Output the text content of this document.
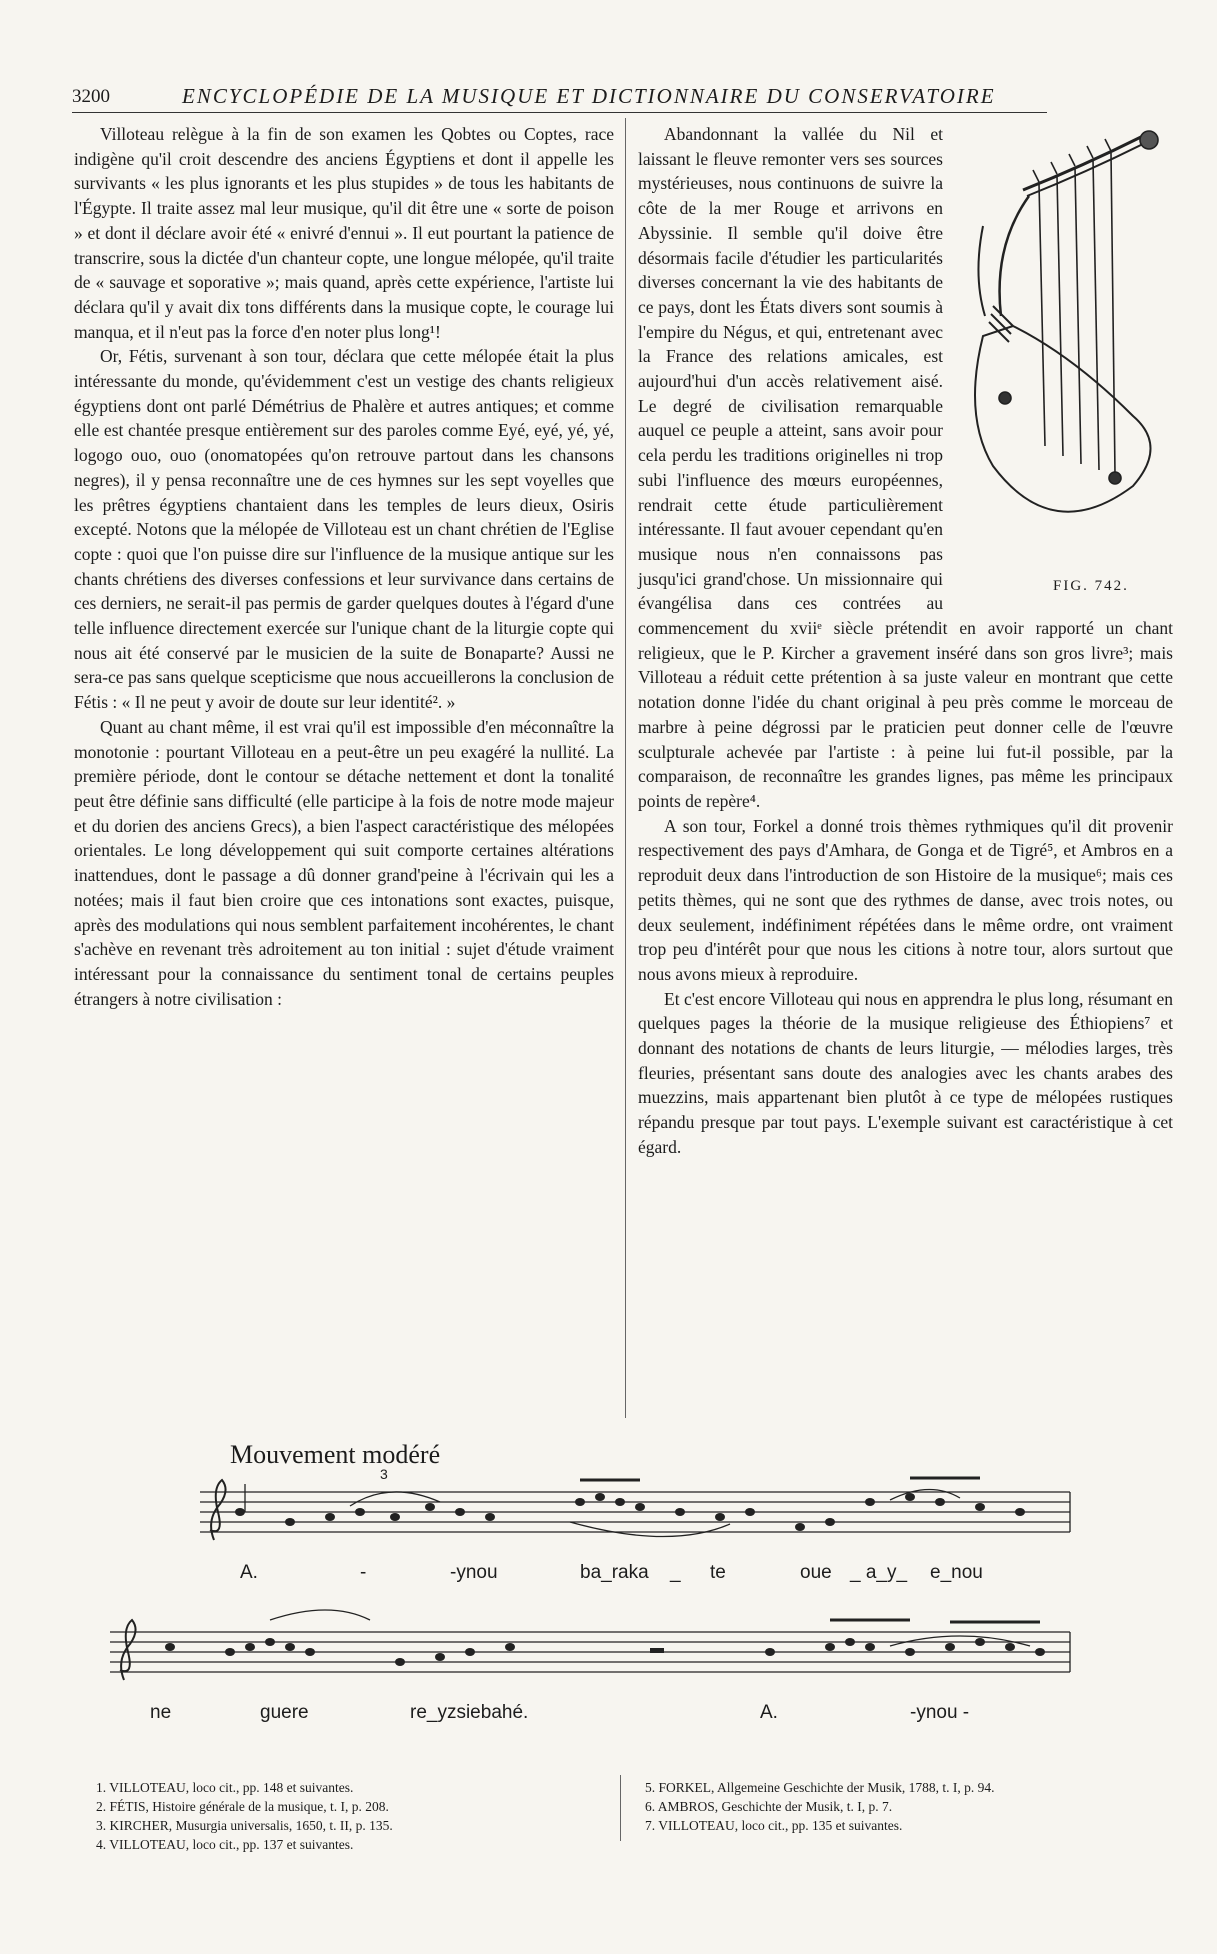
3200	ENCYCLOPÉDIE DE LA MUSIQUE ET DICTIONNAIRE DU CONSERVATOIRE

Villoteau relègue à la fin de son examen les Qobtes ou Coptes, race indigène qu'il croit descendre des anciens Égyptiens et dont il appelle les survivants « les plus ignorants et les plus stupides » de tous les habitants de l'Égypte. Il traite assez mal leur musique, qu'il dit être une « sorte de poison » et dont il déclare avoir été « enivré d'ennui ». Il eut pourtant la patience de transcrire, sous la dictée d'un chanteur copte, une longue mélopée, qu'il traite de « sauvage et soporative »; mais quand, après cette expérience, l'artiste lui déclara qu'il y avait dix tons différents dans la musique copte, le courage lui manqua, et il n'eut pas la force d'en noter plus long¹!

Or, Fétis, survenant à son tour, déclara que cette mélopée était la plus intéressante du monde, qu'évidemment c'est un vestige des chants religieux égyptiens dont ont parlé Démétrius de Phalère et autres antiques; et comme elle est chantée presque entièrement sur des paroles comme Eyé, eyé, yé, yé, logogo ouo, ouo (onomatopées qu'on retrouve partout dans les chansons negres), il y pensa reconnaître une de ces hymnes sur les sept voyelles que les prêtres égyptiens chantaient dans les temples de leurs dieux, Osiris excepté. Notons que la mélopée de Villoteau est un chant chrétien de l'Eglise copte : quoi que l'on puisse dire sur l'influence de la musique antique sur les chants chrétiens des diverses confessions et leur survivance dans certains de ces derniers, ne serait-il pas permis de garder quelques doutes à l'égard d'une telle influence directement exercée sur l'unique chant de la liturgie copte qui nous ait été conservé par le musicien de la suite de Bonaparte? Aussi ne sera-ce pas sans quelque scepticisme que nous accueillerons la conclusion de Fétis : « Il ne peut y avoir de doute sur leur identité². »

Quant au chant même, il est vrai qu'il est impossible d'en méconnaître la monotonie : pourtant Villoteau en a peut-être un peu exagéré la nullité. La première période, dont le contour se détache nettement et dont la tonalité peut être définie sans difficulté (elle participe à la fois de notre mode majeur et du dorien des anciens Grecs), a bien l'aspect caractéristique des mélopées orientales. Le long développement qui suit comporte certaines altérations inattendues, dont le passage a dû donner grand'peine à l'écrivain qui les a notées; mais il faut bien croire que ces intonations sont exactes, puisque, après des modulations qui nous semblent parfaitement incohérentes, le chant s'achève en revenant très adroitement au ton initial : sujet d'étude vraiment intéressant pour la connaissance du sentiment tonal de certains peuples étrangers à notre civilisation :

FIG. 742.

Abandonnant la vallée du Nil et laissant le fleuve remonter vers ses sources mystérieuses, nous continuons de suivre la côte de la mer Rouge et arrivons en Abyssinie. Il semble qu'il doive être désormais facile d'étudier les particularités diverses concernant la vie des habitants de ce pays, dont les États divers sont soumis à l'empire du Négus, et qui, entretenant avec la France des relations amicales, est aujourd'hui d'un accès relativement aisé. Le degré de civilisation remarquable auquel ce peuple a atteint, sans avoir pour cela perdu les traditions originelles ni trop subi l'influence des mœurs européennes, rendrait cette étude particulièrement intéressante. Il faut avouer cependant qu'en musique nous n'en connaissons pas jusqu'ici grand'chose. Un missionnaire qui évangélisa dans ces contrées au commencement du xviiᵉ siècle prétendit en avoir rapporté un chant religieux, que le P. Kircher a gravement inséré dans son gros livre³; mais Villoteau a réduit cette prétention à sa juste valeur en montrant que cette notation donne l'idée du chant original à peu près comme le morceau de marbre à peine dégrossi par le praticien peut donner celle de l'œuvre sculpturale achevée par l'artiste : à peine lui fut-il possible, par la comparaison, de reconnaître les grandes lignes, pas même les principaux points de repère⁴.

A son tour, Forkel a donné trois thèmes rythmiques qu'il dit provenir respectivement des pays d'Amhara, de Gonga et de Tigré⁵, et Ambros en a reproduit deux dans l'introduction de son Histoire de la musique⁶; mais ces petits thèmes, qui ne sont que des rythmes de danse, avec trois notes, ou deux seulement, indéfiniment répétées dans le même ordre, ont vraiment trop peu d'intérêt pour que nous les citions à notre tour, alors surtout que nous avons mieux à reproduire.

Et c'est encore Villoteau qui nous en apprendra le plus long, résumant en quelques pages la théorie de la musique religieuse des Éthiopiens⁷ et donnant des notations de chants de leurs liturgie, — mélodies larges, très fleuries, présentant sans doute des analogies avec les chants arabes des muezzins, mais appartenant bien plutôt à ce type de mélopées rustiques répandu presque par tout pays. L'exemple suivant est caractéristique à cet égard.

Mouvement modéré
A.	-	-ynou	ba_raka _ te	oue _ a_y_ e_nou
ne	guere	re_yzsiebahé.	A.	-ynou -
3
1. VILLOTEAU, loco cit., pp. 148 et suivantes.
2. FÉTIS, Histoire générale de la musique, t. I, p. 208.
3. KIRCHER, Musurgia universalis, 1650, t. II, p. 135.
4. VILLOTEAU, loco cit., pp. 137 et suivantes.
5. FORKEL, Allgemeine Geschichte der Musik, 1788, t. I, p. 94.
6. AMBROS, Geschichte der Musik, t. I, p. 7.
7. VILLOTEAU, loco cit., pp. 135 et suivantes.
